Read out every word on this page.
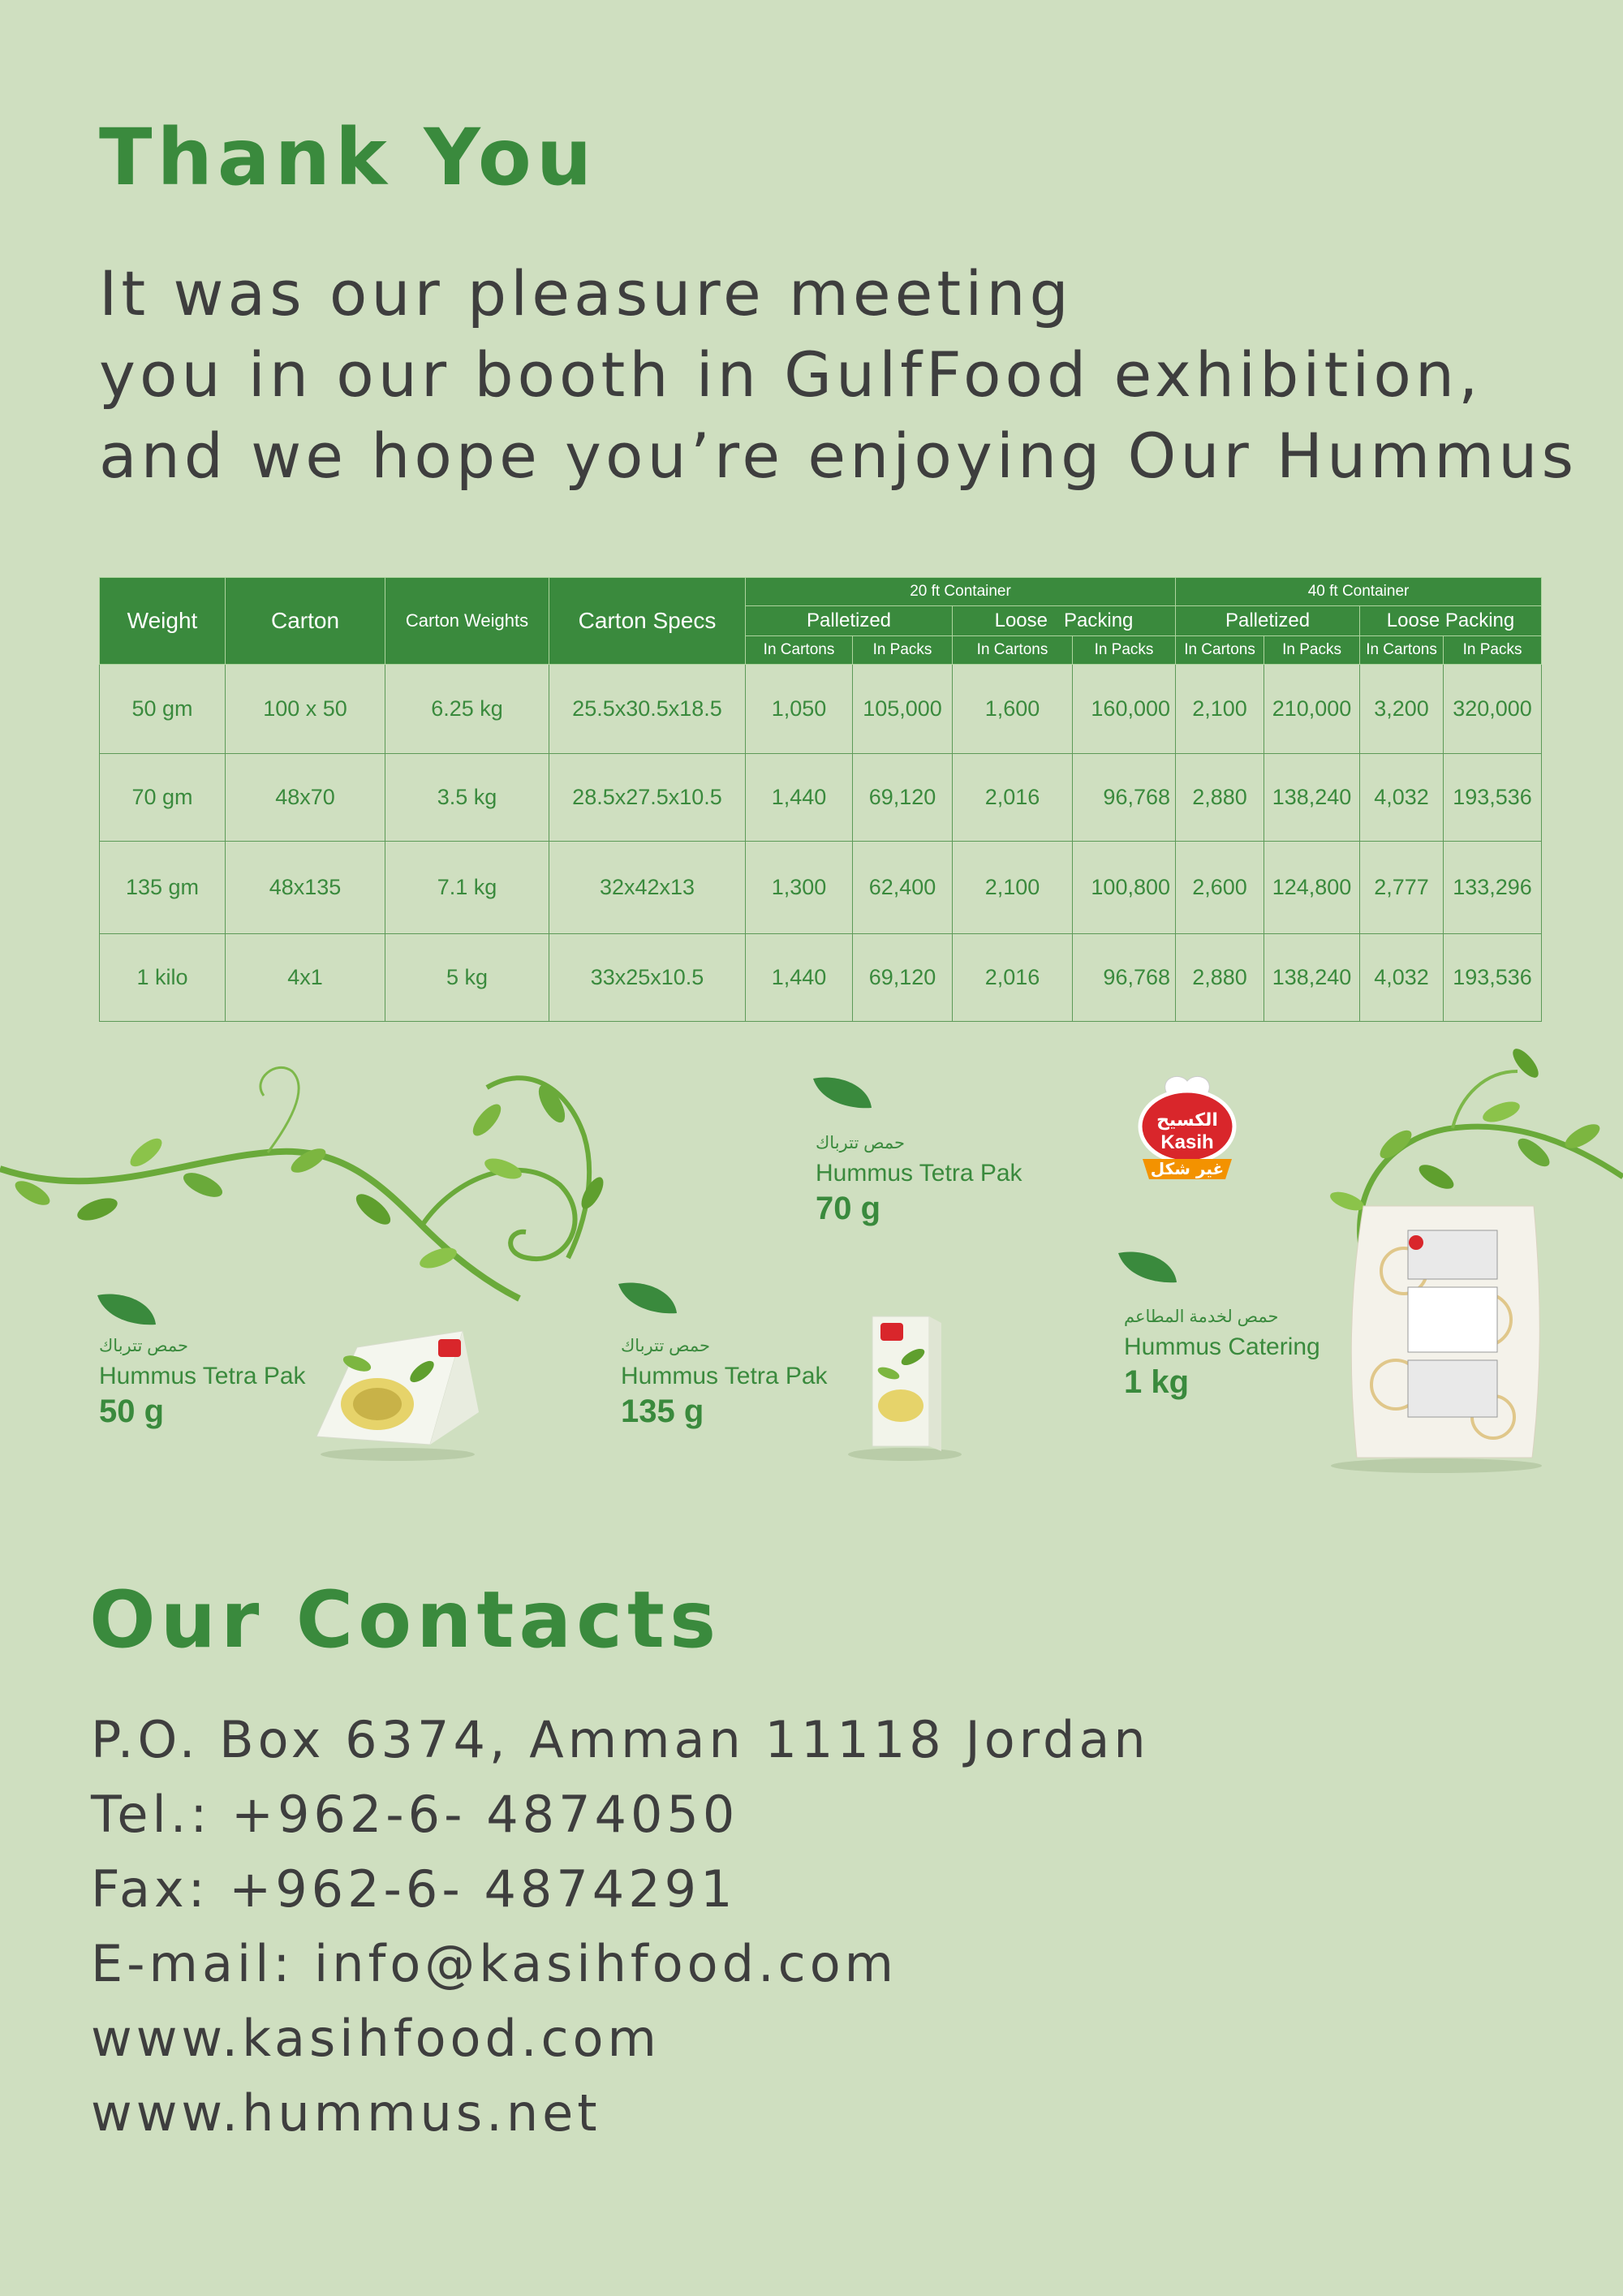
Thank You
It was our pleasure meeting
you in our booth in GulfFood exhibition,
and we hope you’re enjoying Our Hummus
Weight	Carton	Carton Weights	Carton Specs	20 ft Container				40 ft Container			
				Palletized		Loose   Packing		Palletized		Loose Packing	
				In Cartons	In Packs	In Cartons	In Packs	In Cartons	In Packs	In Cartons	In Packs
50 gm	100 x 50	6.25 kg	25.5x30.5x18.5	1,050	105,000	1,600	160,000	2,100	210,000	3,200	320,000
70 gm	48x70	3.5 kg	28.5x27.5x10.5	1,440	69,120	2,016	96,768	2,880	138,240	4,032	193,536
135 gm	48x135	7.1 kg	32x42x13	1,300	62,400	2,100	100,800	2,600	124,800	2,777	133,296
1 kilo	4x1	5 kg	33x25x10.5	1,440	69,120	2,016	96,768	2,880	138,240	4,032	193,536
حمص تترباك
Hummus Tetra Pak
50 g
حمص تترباك
Hummus Tetra Pak
135 g
حمص تترباك
Hummus Tetra Pak
70 g
الكسيح
Kasih
غير شكل
حمص لخدمة المطاعم
Hummus Catering
1 kg
Our Contacts
P.O. Box 6374, Amman 11118 Jordan
Tel.: +962-6- 4874050
Fax: +962-6- 4874291
E-mail: info@kasihfood.com
www.kasihfood.com
www.hummus.net
